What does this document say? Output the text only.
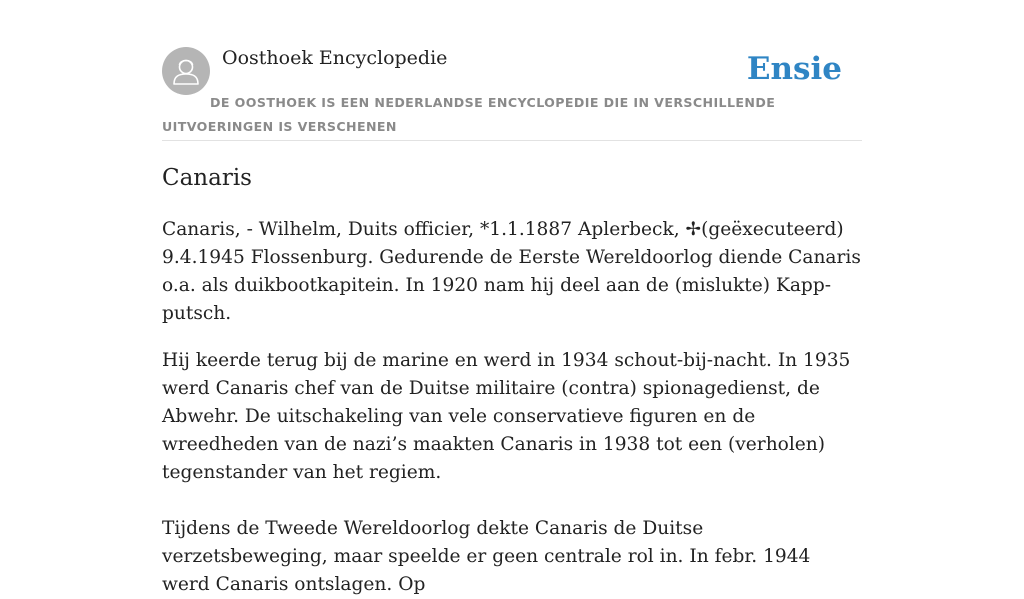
Oosthoek Encyclopedie	Ensie
DE OOSTHOEK IS EEN NEDERLANDSE ENCYCLOPEDIE DIE IN VERSCHILLENDE UITVOERINGEN IS VERSCHENEN
Canaris

Canaris, - Wilhelm, Duits officier, *1.1.1887 Aplerbeck, ✢(geëxecuteerd) 9.4.1945 Flossenburg. Gedurende de Eerste Wereldoorlog diende Canaris o.a. als duikbootkapitein. In 1920 nam hij deel aan de (mislukte) Kapp-putsch.

Hij keerde terug bij de marine en werd in 1934 schout-bij-nacht. In 1935 werd Canaris chef van de Duitse militaire (contra) spionagedienst, de Abwehr. De uitschakeling van vele conservatieve figuren en de wreedheden van de nazi’s maakten Canaris in 1938 tot een (verholen) tegenstander van het regiem.

Tijdens de Tweede Wereldoorlog dekte Canaris de Duitse verzetsbeweging, maar speelde er geen centrale rol in. In febr. 1944 werd Canaris ontslagen. Op
